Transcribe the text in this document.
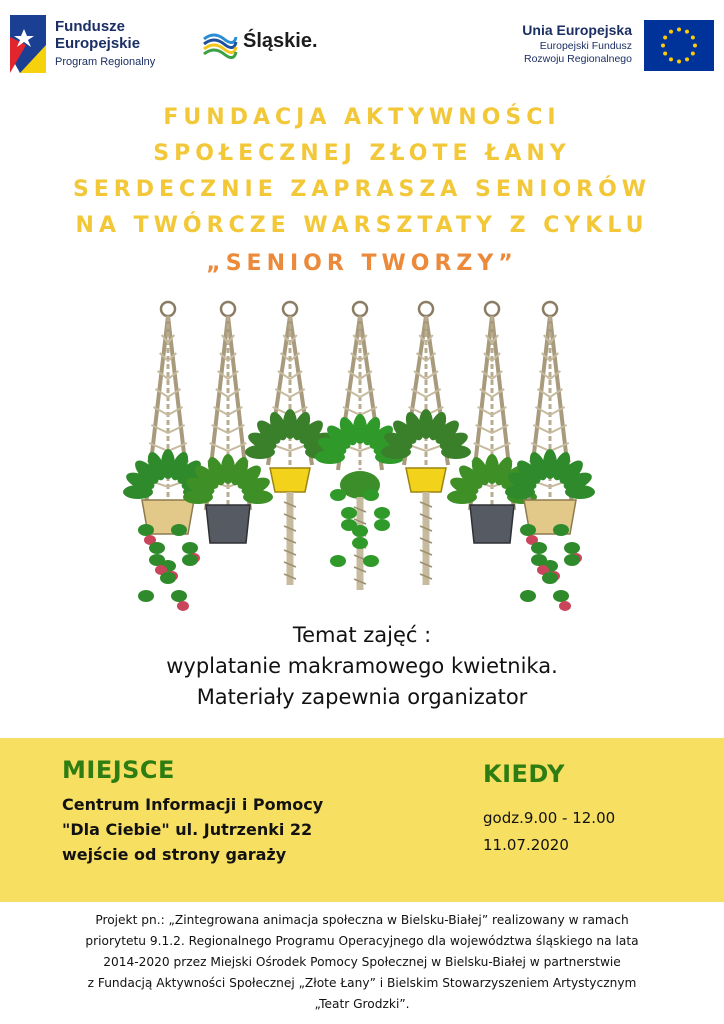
Fundusze
Europejskie
Program Regionalny
Śląskie.	Unia Europejska
Europejski Fundusz
Rozwoju Regionalnego
FUNDACJA AKTYWNOŚCI
SPOŁECZNEJ ZŁOTE ŁANY
SERDECZNIE ZAPRASZA SENIORÓW
NA TWÓRCZE WARSZTATY Z CYKLU
„SENIOR TWORZY”
Temat zajęć :
wyplatanie makramowego kwietnika.
Materiały zapewnia organizator
MIEJSCE
Centrum Informacji i Pomocy
"Dla Ciebie" ul. Jutrzenki 22
wejście od strony garaży
KIEDY
godz.9.00 - 12.00
11.07.2020
Projekt pn.: „Zintegrowana animacja społeczna w Bielsku-Białej” realizowany w ramach
priorytetu 9.1.2. Regionalnego Programu Operacyjnego dla województwa śląskiego na lata
2014-2020 przez Miejski Ośrodek Pomocy Społecznej w Bielsku-Białej w partnerstwie
z Fundacją Aktywności Społecznej „Złote Łany” i Bielskim Stowarzyszeniem Artystycznym
„Teatr Grodzki”.
